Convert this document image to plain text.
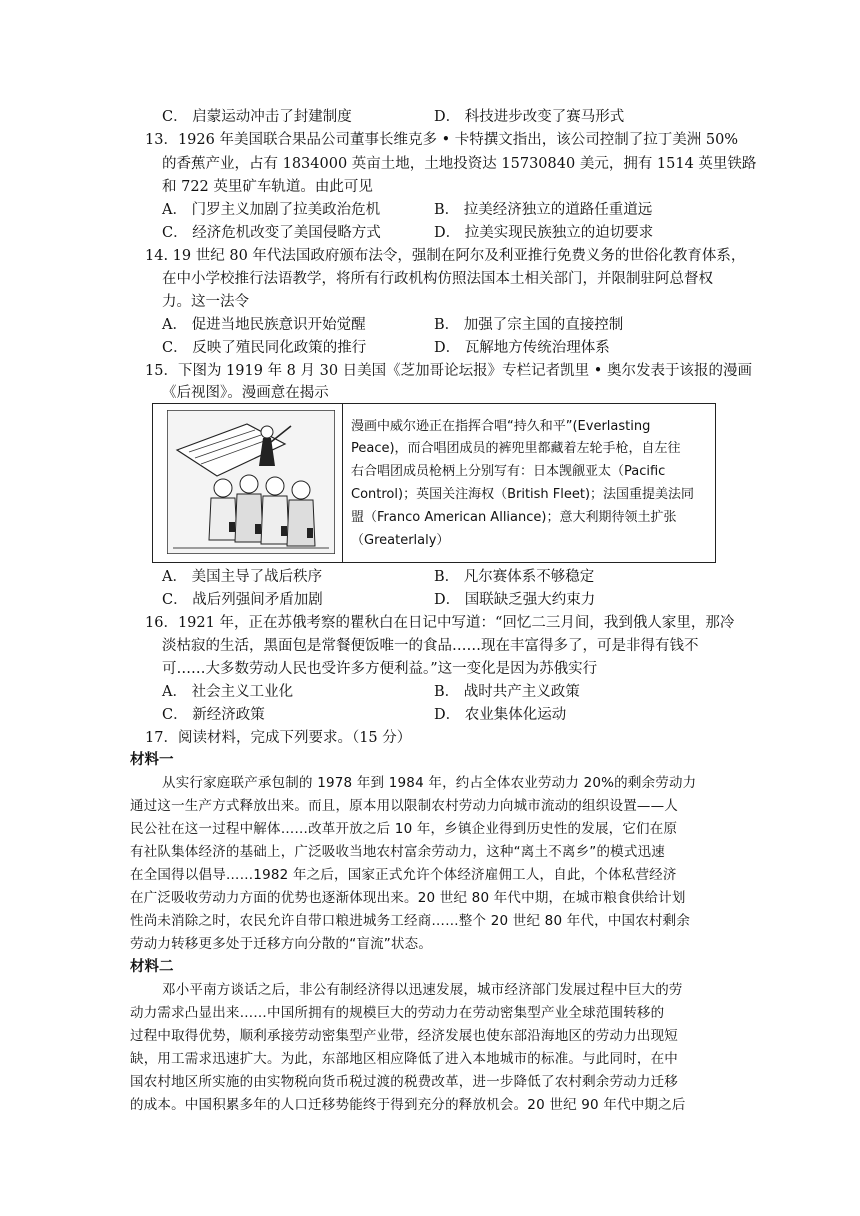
C． 启蒙运动冲击了封建制度	D． 科技进步改变了赛马形式
13．1926 年美国联合果品公司董事长维克多 • 卡特撰文指出，该公司控制了拉丁美洲 50%
的香蕉产业，占有 1834000 英亩土地，土地投资达 15730840 美元，拥有 1514 英里铁路
和 722 英里矿车轨道。由此可见
A． 门罗主义加剧了拉美政治危机	B． 拉美经济独立的道路任重道远
C． 经济危机改变了美国侵略方式	D． 拉美实现民族独立的迫切要求
14. 19 世纪 80 年代法国政府颁布法令，强制在阿尔及利亚推行免费义务的世俗化教育体系，
在中小学校推行法语教学，将所有行政机构仿照法国本土相关部门，并限制驻阿总督权
力。这一法令
A． 促进当地民族意识开始觉醒	B． 加强了宗主国的直接控制
C． 反映了殖民同化政策的推行	D． 瓦解地方传统治理体系
15．下图为 1919 年 8 月 30 日美国《芝加哥论坛报》专栏记者凯里 • 奥尔发表于该报的漫画
《后视图》。漫画意在揭示
漫画中威尔逊正在指挥合唱“持久和平”(Everlasting
Peace)，而合唱团成员的裤兜里都藏着左轮手枪，自左往
右合唱团成员枪柄上分别写有：日本觊觎亚太（Pacific
Control)；英国关注海权（British Fleet)；法国重提美法同
盟（Franco American Alliance)；意大利期待领土扩张
（Greaterlaly）
A． 美国主导了战后秩序	B． 凡尔赛体系不够稳定
C． 战后列强间矛盾加剧	D． 国联缺乏强大约束力
16．1921 年，正在苏俄考察的瞿秋白在日记中写道：“回忆二三月间，我到俄人家里，那冷
淡枯寂的生活，黑面包是常餐便饭唯一的食品……现在丰富得多了，可是非得有钱不
可……大多数劳动人民也受许多方便利益。”这一变化是因为苏俄实行
A． 社会主义工业化	B． 战时共产主义政策
C． 新经济政策	D． 农业集体化运动
17．阅读材料，完成下列要求。（15 分）
材料一
从实行家庭联产承包制的 1978 年到 1984 年，约占全体农业劳动力 20%的剩余劳动力
通过这一生产方式释放出来。而且，原本用以限制农村劳动力向城市流动的组织设置——人
民公社在这一过程中解体……改革开放之后 10 年，乡镇企业得到历史性的发展，它们在原
有社队集体经济的基础上，广泛吸收当地农村富余劳动力，这种“离土不离乡”的模式迅速
在全国得以倡导……1982 年之后，国家正式允许个体经济雇佣工人，自此，个体私营经济
在广泛吸收劳动力方面的优势也逐渐体现出来。20 世纪 80 年代中期，在城市粮食供给计划
性尚未消除之时，农民允许自带口粮进城务工经商……整个 20 世纪 80 年代，中国农村剩余
劳动力转移更多处于迁移方向分散的“盲流”状态。
材料二
邓小平南方谈话之后，非公有制经济得以迅速发展，城市经济部门发展过程中巨大的劳
动力需求凸显出来……中国所拥有的规模巨大的劳动力在劳动密集型产业全球范围转移的
过程中取得优势，顺利承接劳动密集型产业带，经济发展也使东部沿海地区的劳动力出现短
缺，用工需求迅速扩大。为此，东部地区相应降低了进入本地城市的标准。与此同时，在中
国农村地区所实施的由实物税向货币税过渡的税费改革，进一步降低了农村剩余劳动力迁移
的成本。中国积累多年的人口迁移势能终于得到充分的释放机会。20 世纪 90 年代中期之后
